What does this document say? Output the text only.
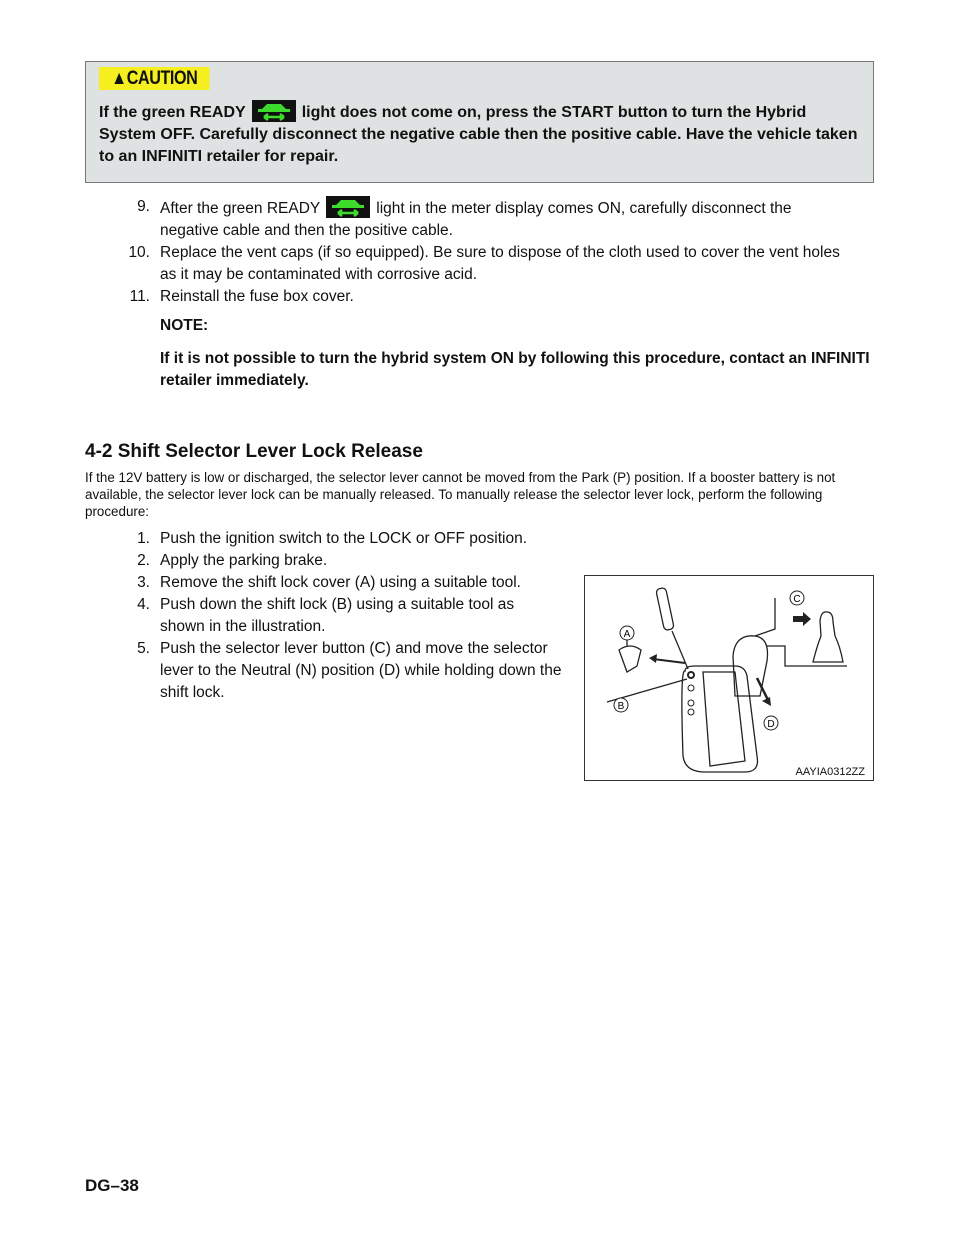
▲CAUTION
If the green READY	light does not come on, press the START button to turn the Hybrid System OFF. Carefully disconnect the negative cable then the positive cable. Have the vehicle taken to an INFINITI retailer for repair.
9. After the green READY	light in the meter display comes ON, carefully disconnect the negative cable and then the positive cable.
10. Replace the vent caps (if so equipped). Be sure to dispose of the cloth used to cover the vent holes as it may be contaminated with corrosive acid.
11. Reinstall the fuse box cover.
NOTE:
If it is not possible to turn the hybrid system ON by following this procedure, contact an INFINITI retailer immediately.
4-2 Shift Selector Lever Lock Release
If the 12V battery is low or discharged, the selector lever cannot be moved from the Park (P) position. If a booster battery is not available, the selector lever lock can be manually released. To manually release the selector lever lock, perform the following procedure:
1. Push the ignition switch to the LOCK or OFF position.
2. Apply the parking brake.
3. Remove the shift lock cover (A) using a suitable tool.
4. Push down the shift lock (B) using a suitable tool as shown in the illustration.
5. Push the selector lever button (C) and move the selector lever to the Neutral (N) position (D) while holding down the shift lock.
A
B
C
D
AAYIA0312ZZ
DG–38
